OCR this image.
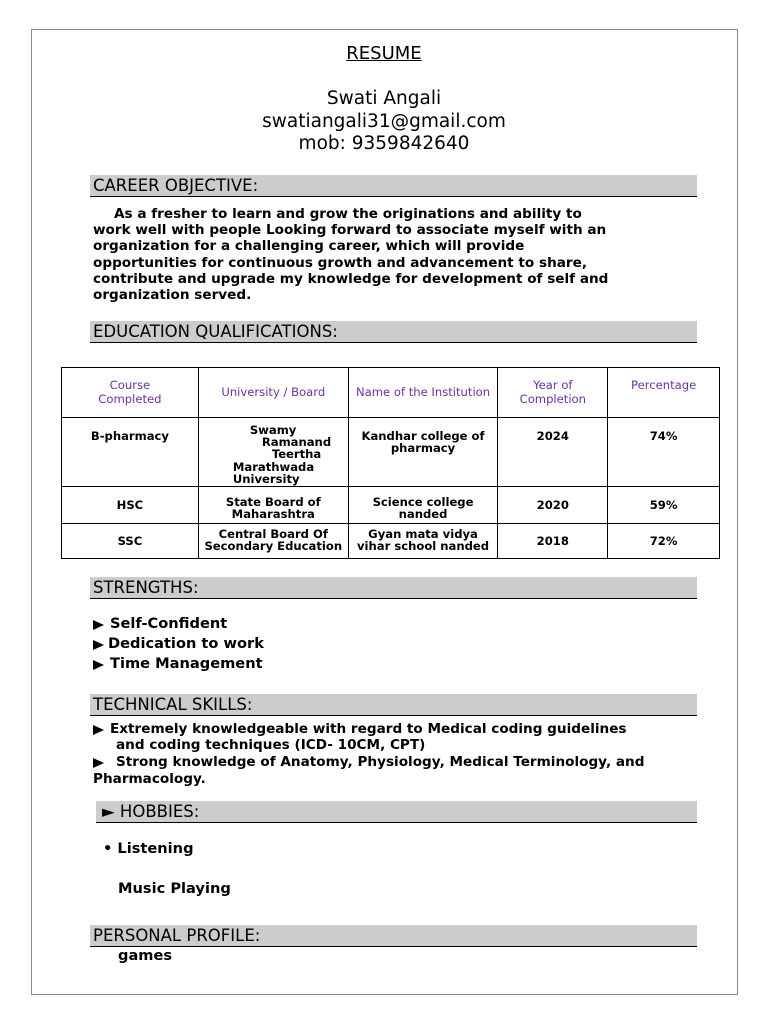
RESUME
Swati Angali
swatiangali31@gmail.com
mob: 9359842640
CAREER OBJECTIVE:
As a fresher to learn and grow the originations and ability to
work well with people Looking forward to associate myself with an
organization for a challenging career, which will provide
opportunities for continuous growth and advancement to share,
contribute and upgrade my knowledge for development of self and
organization served.
EDUCATION QUALIFICATIONS:
Course Completed	University / Board	Name of the Institution	Year of Completion	Percentage
B-pharmacy	Swamy
Ramanand
Teertha
Marathwada
University	Kandhar college of pharmacy	2024	74%
HSC	State Board of Maharashtra	Science college nanded	2020	59%
SSC	Central Board Of Secondary Education	Gyan mata vidya vihar school nanded	2018	72%
STRENGTHS:
Self-Confident
Dedication to work
Time Management
TECHNICAL SKILLS:
Extremely knowledgeable with regard to Medical coding guidelines
and coding techniques (ICD- 10CM, CPT)
Strong knowledge of Anatomy, Physiology, Medical Terminology, and
Pharmacology.
► HOBBIES:
• Listening
Music Playing
PERSONAL PROFILE:
games
